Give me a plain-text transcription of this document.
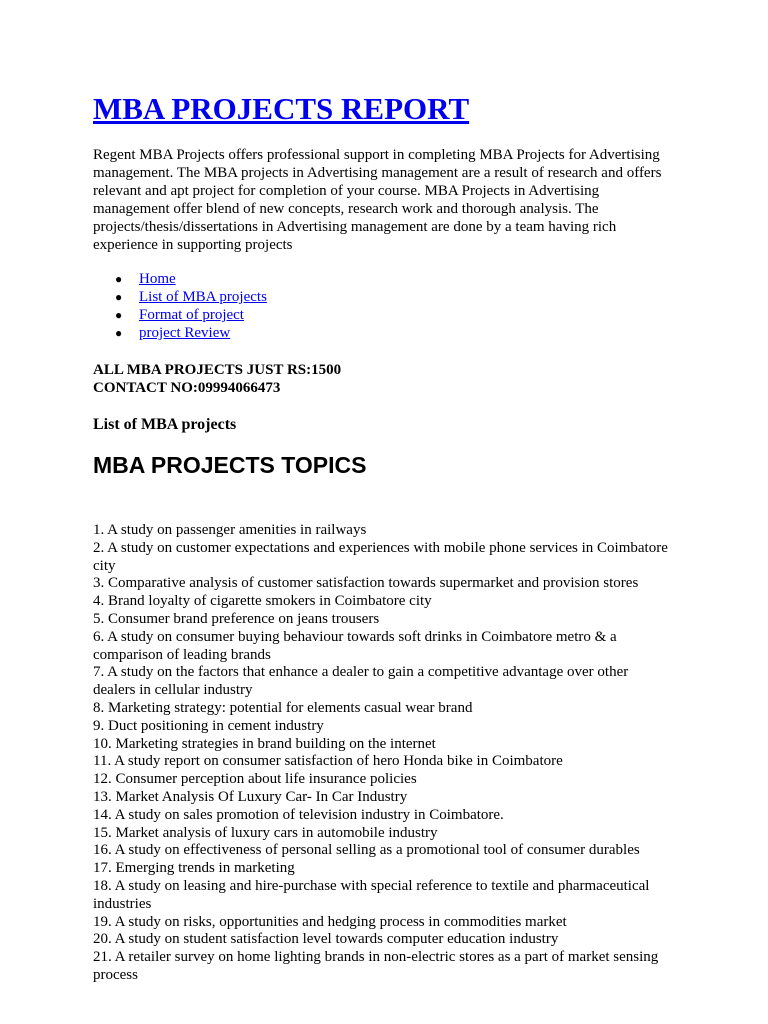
MBA PROJECTS REPORT

Regent MBA Projects offers professional support in completing MBA Projects for Advertising management. The MBA projects in Advertising management are a result of research and offers relevant and apt project for completion of your course. MBA Projects in Advertising management offer blend of new concepts, research work and thorough analysis. The projects/thesis/dissertations in Advertising management are done by a team having rich experience in supporting projects

● Home
● List of MBA projects
● Format of project
● project Review
ALL MBA PROJECTS JUST RS:1500
CONTACT NO:09994066473
List of MBA projects
MBA PROJECTS TOPICS
1. A study on passenger amenities in railways
2. A study on customer expectations and experiences with mobile phone services in Coimbatore city
3. Comparative analysis of customer satisfaction towards supermarket and provision stores
4. Brand loyalty of cigarette smokers in Coimbatore city
5. Consumer brand preference on jeans trousers
6. A study on consumer buying behaviour towards soft drinks in Coimbatore metro & a comparison of leading brands
7. A study on the factors that enhance a dealer to gain a competitive advantage over other dealers in cellular industry
8. Marketing strategy: potential for elements casual wear brand
9. Duct positioning in cement industry
10. Marketing strategies in brand building on the internet
11. A study report on consumer satisfaction of hero Honda bike in Coimbatore
12. Consumer perception about life insurance policies
13. Market Analysis Of Luxury Car- In Car Industry
14. A study on sales promotion of television industry in Coimbatore.
15. Market analysis of luxury cars in automobile industry
16. A study on effectiveness of personal selling as a promotional tool of consumer durables
17. Emerging trends in marketing
18. A study on leasing and hire-purchase with special reference to textile and pharmaceutical industries
19. A study on risks, opportunities and hedging process in commodities market
20. A study on student satisfaction level towards computer education industry
21. A retailer survey on home lighting brands in non-electric stores as a part of market sensing process
